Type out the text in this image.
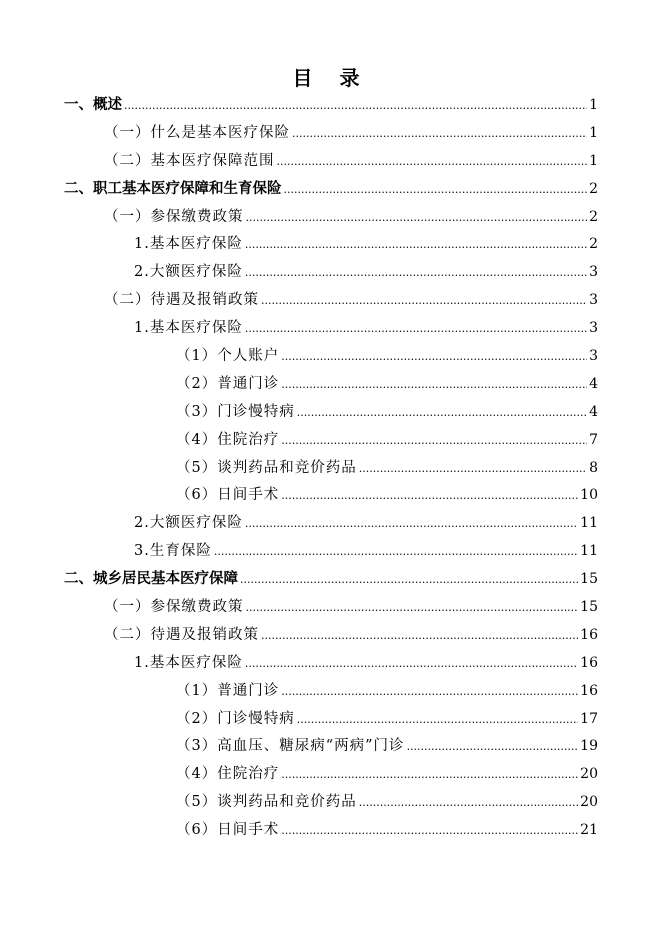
目 录
一、概述 .....	1
（一）什么是基本医疗保险 .....	1
（二）基本医疗保障范围 .....	1
二、职工基本医疗保障和生育保险 .....	2
（一）参保缴费政策 .....	2
1.基本医疗保险 .....	2
2.大额医疗保险 .....	3
（二）待遇及报销政策 .....	3
1.基本医疗保险 .....	3
（1）个人账户 .....	3
（2）普通门诊 .....	4
（3）门诊慢特病 .....	4
（4）住院治疗 .....	7
（5）谈判药品和竞价药品 .....	8
（6）日间手术 .....	10
2.大额医疗保险 .....	11
3.生育保险 .....	11
二、城乡居民基本医疗保障 .....	15
（一）参保缴费政策 .....	15
（二）待遇及报销政策 .....	16
1.基本医疗保险 .....	16
（1）普通门诊 .....	16
（2）门诊慢特病 .....	17
（3）高血压、糖尿病“两病”门诊 .....	19
（4）住院治疗 .....	20
（5）谈判药品和竞价药品 .....	20
（6）日间手术 .....	21
